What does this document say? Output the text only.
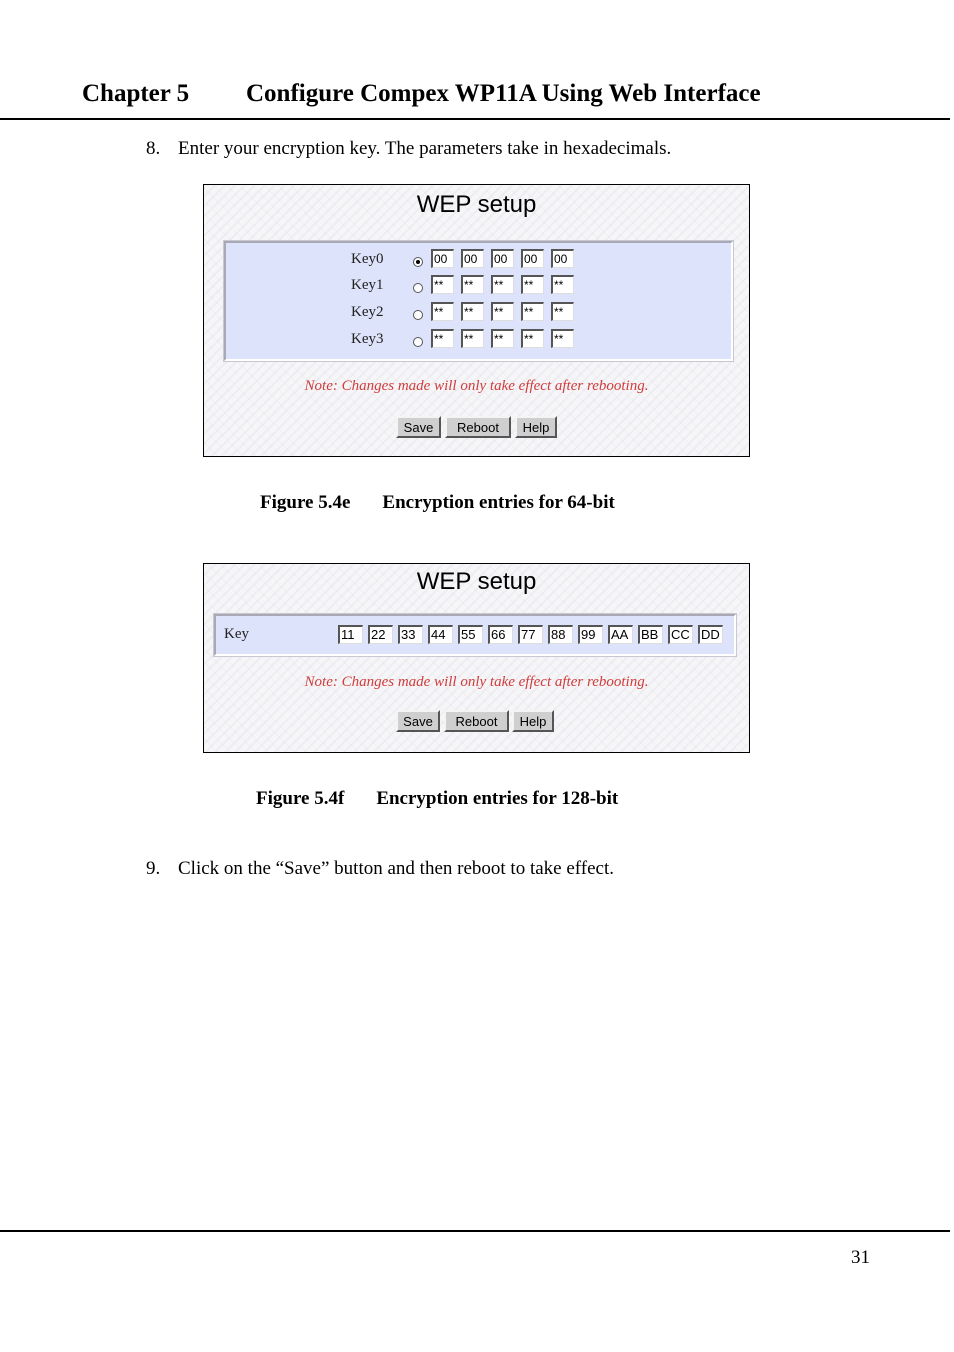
Chapter 5 Configure Compex WP11A Using Web Interface
8. Enter your encryption key. The parameters take in hexadecimals.
WEP setup
Key0	00	00	00	00	00
Key1	**	**	**	**	**
Key2	**	**	**	**	**
Key3	**	**	**	**	**
Note: Changes made will only take effect after rebooting.
Save	Reboot	Help
Figure 5.4e Encryption entries for 64-bit
WEP setup
Key	11	22	33	44	55	66	77	88	99	AA BB CC DD
Note: Changes made will only take effect after rebooting.
Save	Reboot	Help
Figure 5.4f Encryption entries for 128-bit
9. Click on the “Save” button and then reboot to take effect.
31
